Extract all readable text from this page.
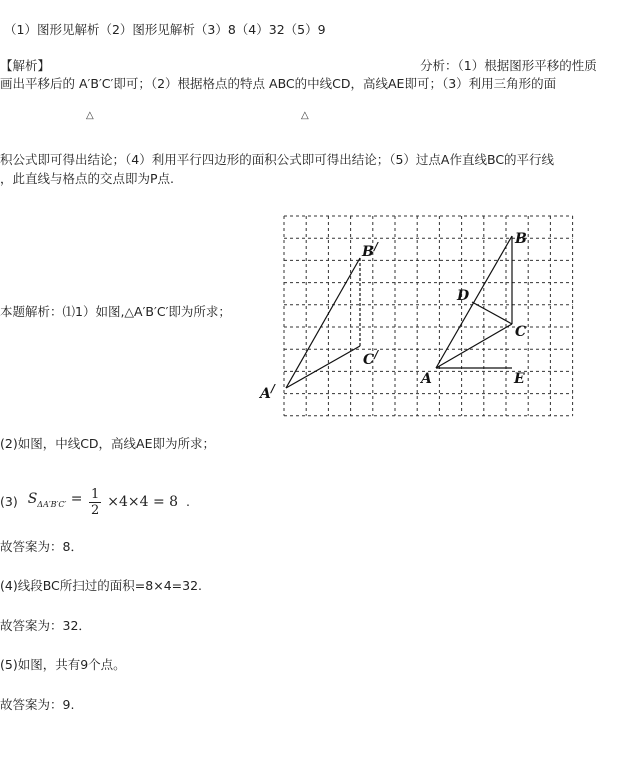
（1）图形见解析（2）图形见解析（3）8（4）32（5）9
【解析】	分析：（1）根据图形平移的性质
画出平移后的 A′B′C′即可；（2）根据格点的特点 ABC的中线CD，高线AE即可；（3）利用三角形的面
△	△
积公式即可得出结论；（4）利用平行四边形的面积公式即可得出结论；（5）过点A作直线BC的平行线
，此直线与格点的交点即为P点.
本题解析：⑴1）如图,△A′B′C′即为所求；
A/
B/
C/
A
B
C
D
E
(2)如图，中线CD，高线AE即为所求；
(3) $S_{\Delta A'B'C'} = \frac{1}{2} \times 4\times 4 = 8$ .
故答案为：8．
(4)线段BC所扫过的面积=8×4=32.
故答案为：32．
(5)如图，共有9个点。
故答案为：9.
